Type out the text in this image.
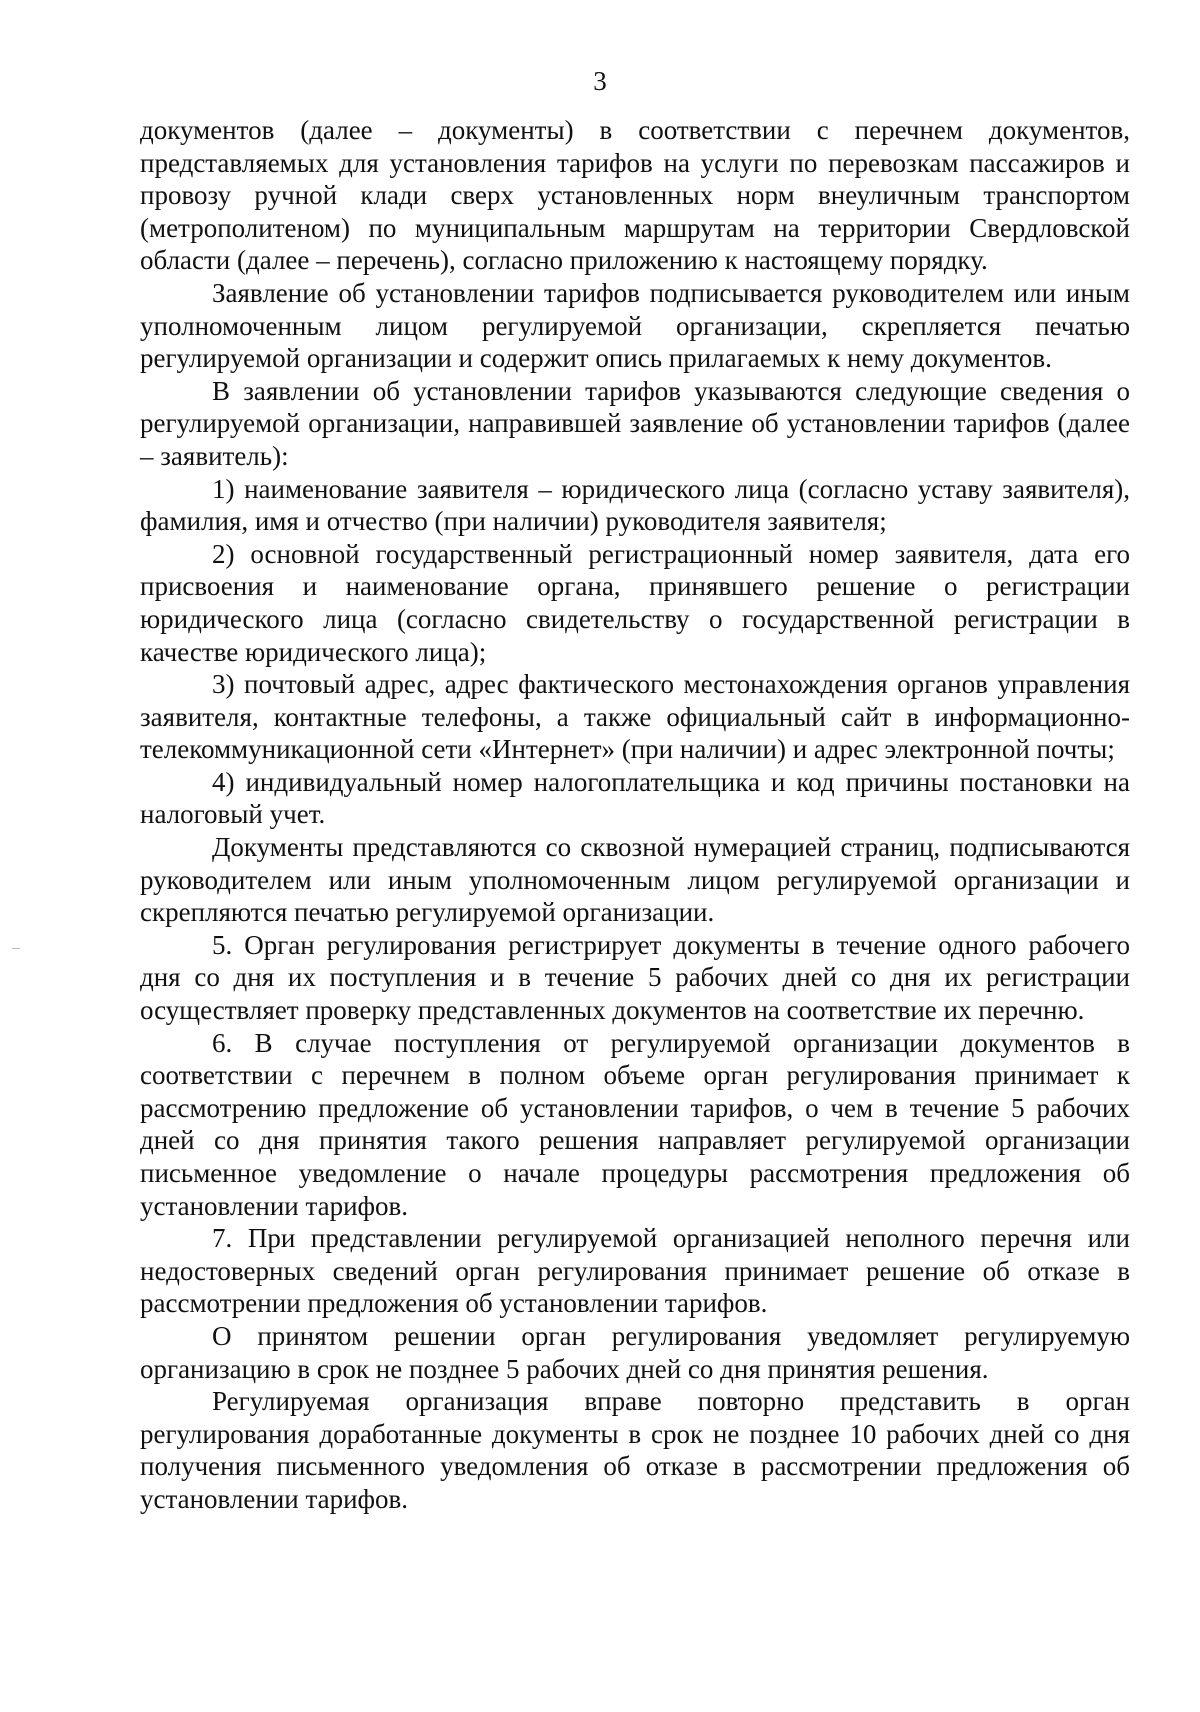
3

документов (далее – документы) в соответствии с перечнем документов, представляемых для установления тарифов на услуги по перевозкам пассажиров и провозу ручной клади сверх установленных норм внеуличным транспортом (метрополитеном) по муниципальным маршрутам на территории Свердловской области (далее – перечень), согласно приложению к настоящему порядку.

Заявление об установлении тарифов подписывается руководителем или иным уполномоченным лицом регулируемой организации, скрепляется печатью регулируемой организации и содержит опись прилагаемых к нему документов.

В заявлении об установлении тарифов указываются следующие сведения о регулируемой организации, направившей заявление об установлении тарифов (далее – заявитель):

1) наименование заявителя – юридического лица (согласно уставу заявителя), фамилия, имя и отчество (при наличии) руководителя заявителя;

2) основной государственный регистрационный номер заявителя, дата его присвоения и наименование органа, принявшего решение о регистрации юридического лица (согласно свидетельству о государственной регистрации в качестве юридического лица);

3) почтовый адрес, адрес фактического местонахождения органов управления заявителя, контактные телефоны, а также официальный сайт в информационно-телекоммуникационной сети «Интернет» (при наличии) и адрес электронной почты;

4) индивидуальный номер налогоплательщика и код причины постановки на налоговый учет.

Документы представляются со сквозной нумерацией страниц, подписываются руководителем или иным уполномоченным лицом регулируемой организации и скрепляются печатью регулируемой организации.

5. Орган регулирования регистрирует документы в течение одного рабочего дня со дня их поступления и в течение 5 рабочих дней со дня их регистрации осуществляет проверку представленных документов на соответствие их перечню.

6. В случае поступления от регулируемой организации документов в соответствии с перечнем в полном объеме орган регулирования принимает к рассмотрению предложение об установлении тарифов, о чем в течение 5 рабочих дней со дня принятия такого решения направляет регулируемой организации письменное уведомление о начале процедуры рассмотрения предложения об установлении тарифов.

7. При представлении регулируемой организацией неполного перечня или недостоверных сведений орган регулирования принимает решение об отказе в рассмотрении предложения об установлении тарифов.

О принятом решении орган регулирования уведомляет регулируемую организацию в срок не позднее 5 рабочих дней со дня принятия решения.

Регулируемая организация вправе повторно представить в орган регулирования доработанные документы в срок не позднее 10 рабочих дней со дня получения письменного уведомления об отказе в рассмотрении предложения об установлении тарифов.
